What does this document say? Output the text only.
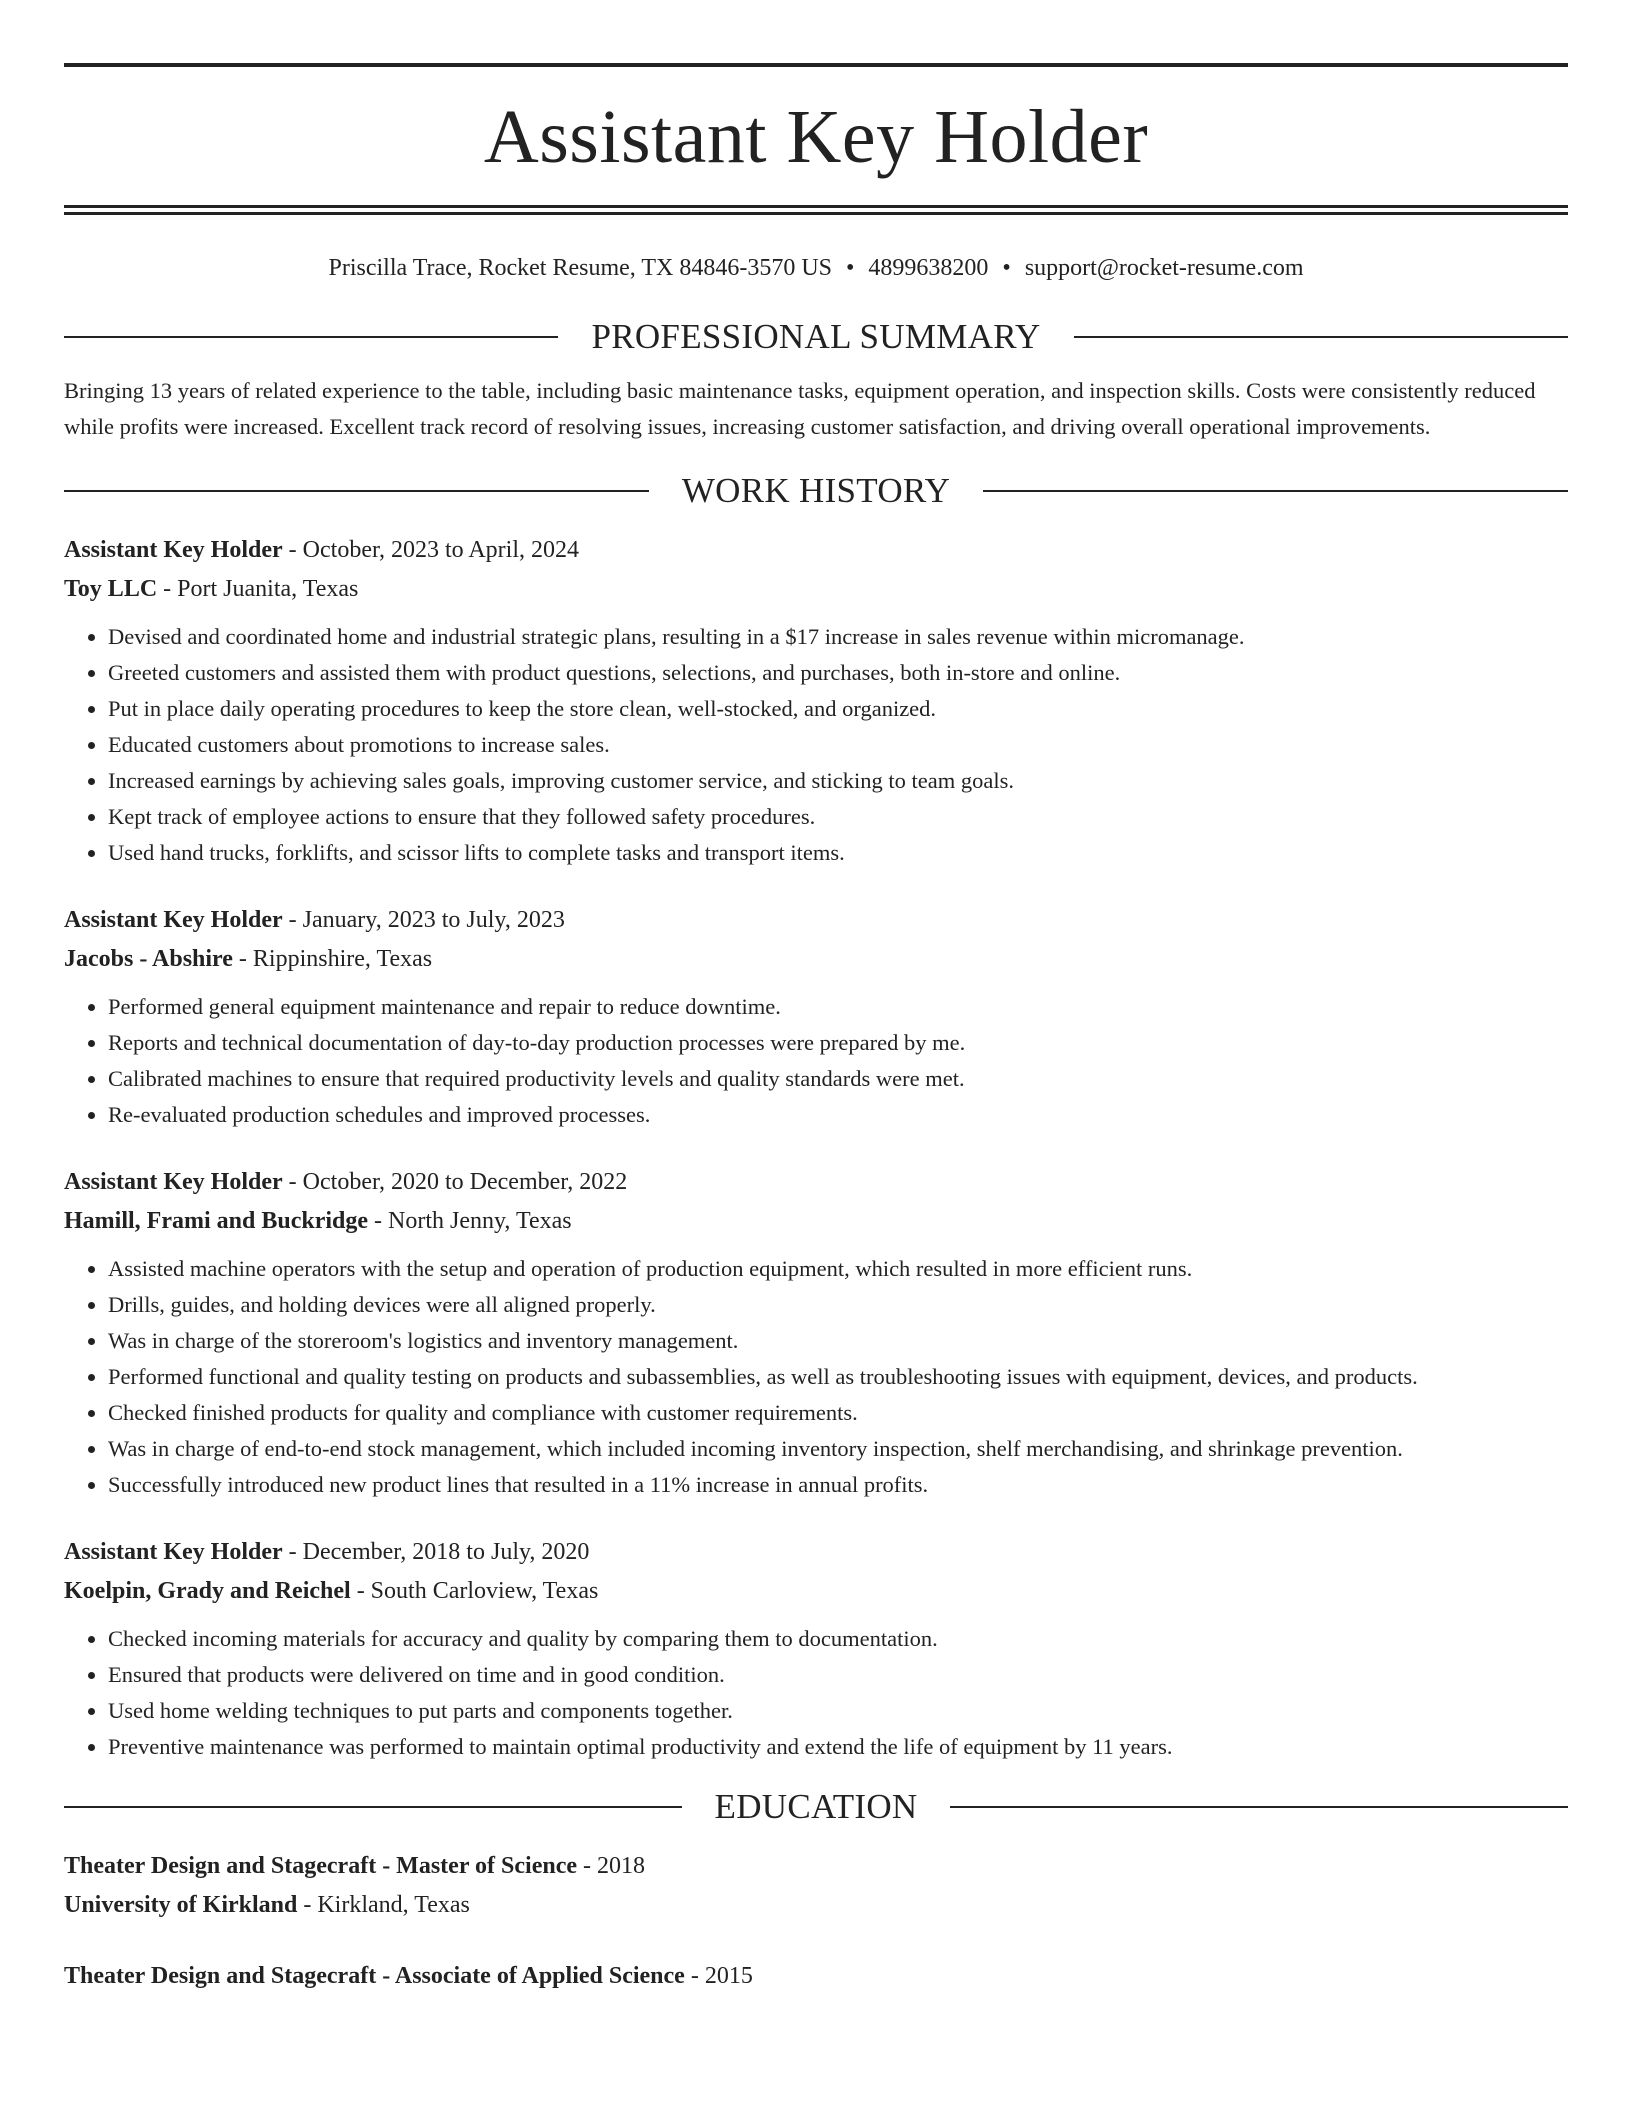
Assistant Key Holder
Priscilla Trace, Rocket Resume, TX 84846-3570 US • 4899638200 • support@rocket-resume.com
PROFESSIONAL SUMMARY

Bringing 13 years of related experience to the table, including basic maintenance tasks, equipment operation, and inspection skills. Costs were consistently reduced while profits were increased. Excellent track record of resolving issues, increasing customer satisfaction, and driving overall operational improvements.

WORK HISTORY
Assistant Key Holder - October, 2023 to April, 2024
Toy LLC - Port Juanita, Texas
• Devised and coordinated home and industrial strategic plans, resulting in a $17 increase in sales revenue within micromanage.
• Greeted customers and assisted them with product questions, selections, and purchases, both in-store and online.
• Put in place daily operating procedures to keep the store clean, well-stocked, and organized.
• Educated customers about promotions to increase sales.
• Increased earnings by achieving sales goals, improving customer service, and sticking to team goals.
• Kept track of employee actions to ensure that they followed safety procedures.
• Used hand trucks, forklifts, and scissor lifts to complete tasks and transport items.
Assistant Key Holder - January, 2023 to July, 2023
Jacobs - Abshire - Rippinshire, Texas
• Performed general equipment maintenance and repair to reduce downtime.
• Reports and technical documentation of day-to-day production processes were prepared by me.
• Calibrated machines to ensure that required productivity levels and quality standards were met.
• Re-evaluated production schedules and improved processes.
Assistant Key Holder - October, 2020 to December, 2022
Hamill, Frami and Buckridge - North Jenny, Texas
• Assisted machine operators with the setup and operation of production equipment, which resulted in more efficient runs.
• Drills, guides, and holding devices were all aligned properly.
• Was in charge of the storeroom's logistics and inventory management.
• Performed functional and quality testing on products and subassemblies, as well as troubleshooting issues with equipment, devices, and products.
• Checked finished products for quality and compliance with customer requirements.
• Was in charge of end-to-end stock management, which included incoming inventory inspection, shelf merchandising, and shrinkage prevention.
• Successfully introduced new product lines that resulted in a 11% increase in annual profits.
Assistant Key Holder - December, 2018 to July, 2020
Koelpin, Grady and Reichel - South Carloview, Texas
• Checked incoming materials for accuracy and quality by comparing them to documentation.
• Ensured that products were delivered on time and in good condition.
• Used home welding techniques to put parts and components together.
• Preventive maintenance was performed to maintain optimal productivity and extend the life of equipment by 11 years.
EDUCATION
Theater Design and Stagecraft - Master of Science - 2018
University of Kirkland - Kirkland, Texas
Theater Design and Stagecraft - Associate of Applied Science - 2015
